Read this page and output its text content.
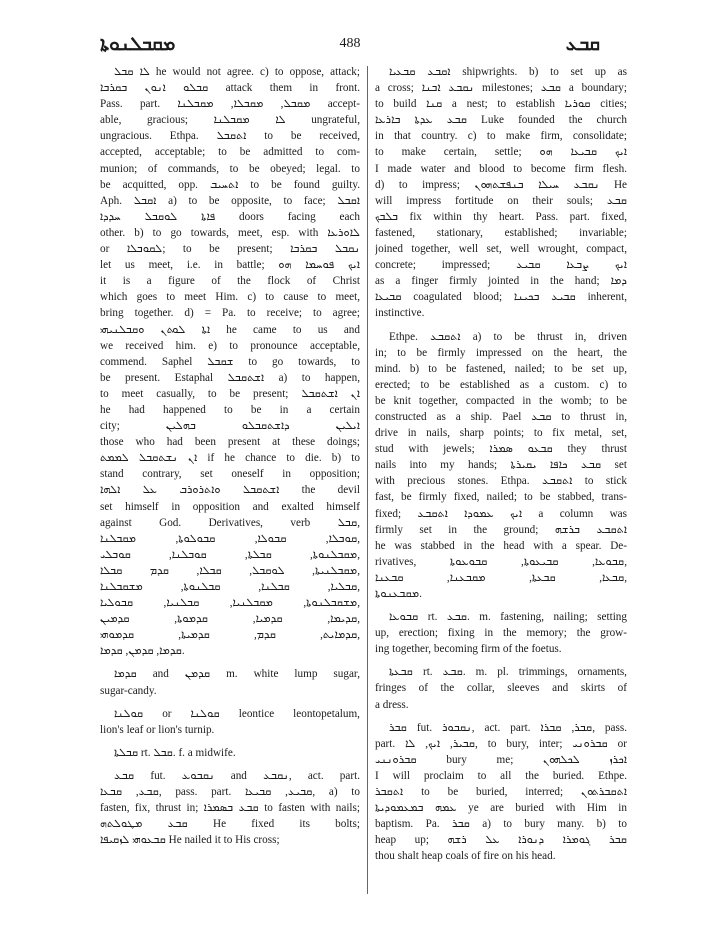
ܡܩܒܠܢܘܬܐ	488	ܩܒܥ
ܠܐ ܩܒܠ he would not agree. c) to oppose, attack;
ܩܒܠܘ ܐܢܘܢ ܒܩܪܒܐ attack them in front.
Pass. part. ܡܩܒܠ, ܡܩܒܠܐ, ܡܩܒܠܢܐ accept-
able, gracious; ܠܐ ܡܩܒܠܢܐ ungrateful,
ungracious. Ethpa. ܐܬܩܒܠ to be received,
accepted, acceptable; to be admitted to com-
munion; of commands, to be obeyed; legal. to
be acquitted, opp. ܐܬܚܝܒ to be found guilty.
Aph. ܐܩܒܠ a) to be opposite, to face; ܐܩܒܠ
ܦܐܬܐ ܠܘܩܒܠ ܚܕܕܐ doors facing each
other. b) to go towards, meet, esp. with ܠܐܘܪܥܐ
or ܠܩܘܒܠܐ; to be present; ܢܩܒܠ ܒܩܪܒܐ
let us meet, i.e. in battle; ܐܝܟ ܦܘܚܡܐ ܗܘ
it is a figure of the flock of Christ
which goes to meet Him. c) to cause to meet,
bring together. d) = Pa. to receive; to agree;
ܐܬܐ ܠܘܬܢ ܘܩܒܠܢܝܗܝ he came to us and
we received him. e) to pronounce acceptable,
commend. Saphel ܫܩܒܠ to go towards, to
be present. Estaphal ܐܫܬܩܒܠ a) to happen,
to meet casually, to be present; ܐܢ ܐܫܬܩܒܠ
he had happened to be in a certain
city; ܐܝܠܝܢ ܕܐܫܬܩܒܠܘ ܒܗܠܝܢ
those who had been present at these doings;
ܐܢ ܢܫܬܩܒܠ ܠܡܡܬ if he chance to die. b) to
stand contrary, set oneself in opposition;
ܐܫܬܩܒܠ ܘܐܬܪܘܪܒ ܥܠ ܐܠܗܐ the devil
set himself in opposition and exalted himself
against God. Derivatives, verb ܩܒܠ,
ܩܘܒܠܐ, ܩܒܘܠܐ, ܩܒܘܠܘܬܐ, ܡܩܒܠܢܐ,
ܡܩܒܠܢܘܬܐ, ܩܒܠܬܐ, ܩܘܒܠܢܐ, ܩܘܒܠܝ,
ܡܩܒܠܢܝܬܐ, ܠܘܩܒܠ, ܩܒܠܐ, ܩܕܡ ܩܒܠܐ,
ܩܒܠܝܐ, ܩܒܠܢܐ, ܩܒܠܢܘܬܐ, ܡܫܩܒܠܢܐ,
ܡܫܩܒܠܢܘܬܐ, ܡܩܒܠܢܝܐ, ܩܒܠܢܝܐ, ܩܒܘܠܝܐ,
ܩܕܝܡܐ, ܩܕܡܝܐ, ܩܕܡܘܬܐ, ܩܕܡܝܢ,
ܩܕܡܐܝܬ, ܩܕܡ, ܩܕܡܝܬܐ, ܩܕܡܘܗܝ,
ܩܕܡܐ, ܩܕܡܢ, ܩܕܡܐ.
ܩܕܡܐ and ܩܕܡܢ m. white lump sugar,
sugar-candy.
ܩܘܠܢܐ or ܩܘܠܢܐ leontice leontopetalum,
lion's leaf or lion's turnip.
ܩܒܠܬܐ rt. ܩܒܠ. f. a midwife.
ܩܒܥ fut. ܢܩܒܘܥ and ܢܩܒܥ, act. part.
ܩܒܥ, ܩܒܥܐ, pass. part. ܩܒܝܥ, ܩܒܝܥܐ, a) to
fasten, fix, thrust in; ܩܒܥ ܒܣܡܪܐ to fasten with nails;
ܩܒܥ ܡܛܘܠܬܗ He fixed its bolts;
ܩܒܥܘܗܝ ܠܙܩܝܦܐ He nailed it to His cross;
ܐܩܒܥ ܩܒܥܝܐ shipwrights. b) to set up as
a cross; ܢܩܒܥ ܐܒܢܐ milestones; ܩܒܥ a boundary;
to build ܩܢܐ a nest; to establish ܩܘܪܝܐ cities;
ܩܒܥ ܥܕܬܐ ܒܐܪܥܐ Luke founded the church
in that country. c) to make firm, consolidate;
to make certain, settle; ܐܝܟ ܩܒܝܥܐ ܗܘ
I made water and blood to become firm flesh.
d) to impress; ܢܩܒܥ ܚܝܠܐ ܒܢܦܫܬܗܘܢ He
will impress fortitude on their souls; ܩܒܥ
ܒܠܒܟ fix within thy heart. Pass. part. fixed,
fastened, stationary, established; invariable;
joined together, well set, well wrought, compact,
concrete; impressed; ܐܝܟ ܨܒܥܐ ܩܒܝܥ
as a finger firmly jointed in the hand; ܕܡܐ
ܩܒܝܥܐ coagulated blood; ܩܒܝܥ ܒܟܝܢܐ inherent,
instinctive.
Ethpe. ܐܬܩܒܥ a) to be thrust in, driven
in; to be firmly impressed on the heart, the
mind. b) to be fastened, nailed; to be set up,
erected; to be established as a custom. c) to
be knit together, compacted in the womb; to be
constructed as a ship. Pael ܩܒܥ to thrust in,
drive in nails, sharp points; to fix metal, set,
stud with jewels; ܩܒܥܘ ܣܡܪܐ they thrust
nails into my hands; ܩܒܥ ܟܐܦܐ ܝܩܝܪܬܐ set
with precious stones. Ethpa. ܐܬܩܒܥ to stick
fast, be firmly fixed, nailed; to be stabbed, trans-
fixed; ܐܝܟ ܥܡܘܕܐ ܐܬܩܒܥ a column was
firmly set in the ground; ܐܬܩܒܥ ܒܪܫܗ
he was stabbed in the head with a spear. De-
rivatives, ܩܒܘܥܐ, ܩܒܝܥܘܬܐ, ܩܒܘܥܘܬܐ,
ܩܒܥܐ, ܩܒܥܬܐ, ܡܩܒܥܢܐ, ܩܒܥܢܐ,
ܡܩܒܥܢܘܬܐ.
ܩܒܘܥܐ rt. ܩܒܥ. m. fastening, nailing; setting
up, erection; fixing in the memory; the grow-
ing together, becoming firm of the foetus.
ܩܒܥܬܐ rt. ܩܒܥ. m. pl. trimmings, ornaments,
fringes of the collar, sleeves and skirts of
a dress.
ܩܒܪ fut. ܢܩܒܘܪ, act. part. ܩܒܪ, ܩܒܪܐ, pass.
part. ܩܒܝܪ, ܐܝܟ, ܠܐ, to bury, inter; ܩܒܪܘܢܝ or
ܩܒܪܘܢܢܝ bury me; ܐܟܪܙ ܠܟܠܗܘܢ
I will proclaim to all the buried. Ethpe.
ܐܬܩܒܪ to be buried, interred; ܐܬܩܒܪܬܘܢ
ܥܡܗ ܒܡܥܡܘܕܝܬܐ ye are buried with Him in
baptism. Pa. ܩܒܪ a) to bury many. b) to
heap up; ܩܒܪ ܓܘܡܪܐ ܕܢܘܪܐ ܥܠ ܪܫܗ
thou shalt heap coals of fire on his head.
